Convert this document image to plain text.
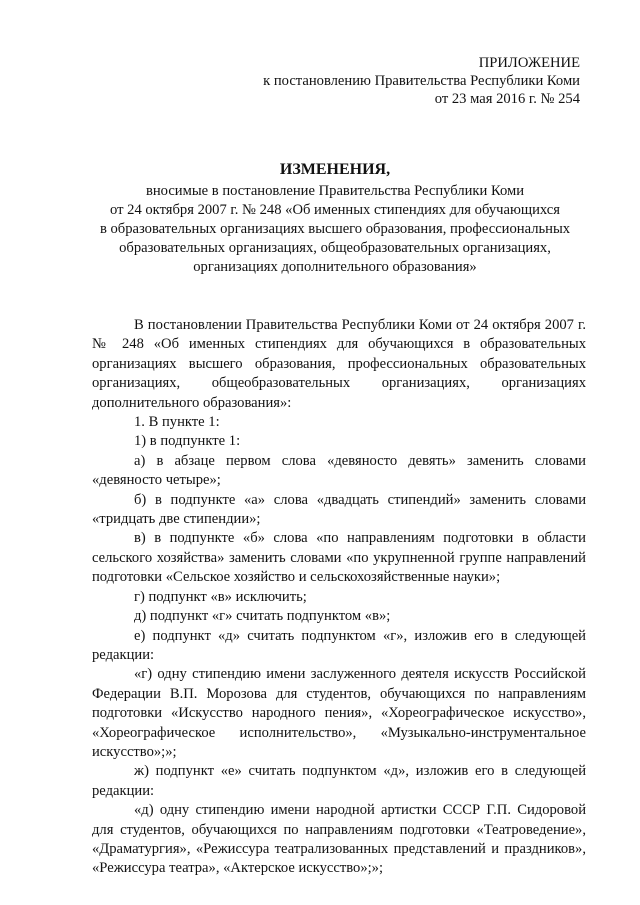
ПРИЛОЖЕНИЕ
к постановлению Правительства Республики Коми
от 23 мая 2016 г. № 254
ИЗМЕНЕНИЯ,
вносимые в постановление Правительства Республики Коми
от 24 октября 2007 г. № 248 «Об именных стипендиях для обучающихся
в образовательных организациях высшего образования, профессиональных
образовательных организациях, общеобразовательных организациях,
организациях дополнительного образования»

В постановлении Правительства Республики Коми от 24 октября 2007 г. № 248 «Об именных стипендиях для обучающихся в образовательных организациях высшего образования, профессиональных образовательных организациях, общеобразовательных организациях, организациях дополнительного образования»:

1. В пункте 1:

1) в подпункте 1:

а) в абзаце первом слова «девяносто девять» заменить словами «девяносто четыре»;

б) в подпункте «а» слова «двадцать стипендий» заменить словами «тридцать две стипендии»;

в) в подпункте «б» слова «по направлениям подготовки в области сельского хозяйства» заменить словами «по укрупненной группе направлений подготовки «Сельское хозяйство и сельскохозяйственные науки»;

г) подпункт «в» исключить;

д) подпункт «г» считать подпунктом «в»;

е) подпункт «д» считать подпунктом «г», изложив его в следующей редакции:

«г) одну стипендию имени заслуженного деятеля искусств Российской Федерации В.П. Морозова для студентов, обучающихся по направлениям подготовки «Искусство народного пения», «Хореографическое искусство», «Хореографическое исполнительство», «Музыкально-инструментальное искусство»;»;

ж) подпункт «е» считать подпунктом «д», изложив его в следующей редакции:

«д) одну стипендию имени народной артистки СССР Г.П. Сидоровой для студентов, обучающихся по направлениям подготовки «Театроведение», «Драматургия», «Режиссура театрализованных представлений и праздников», «Режиссура театра», «Актерское искусство»;»;
